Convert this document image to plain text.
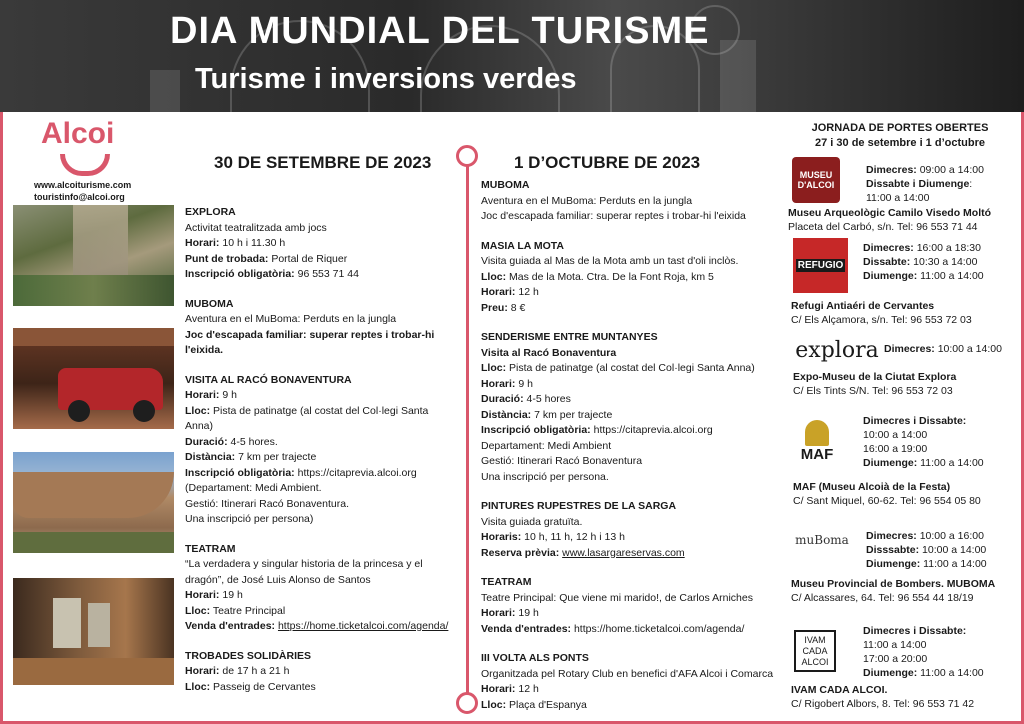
DIA MUNDIAL DEL TURISME
Turisme i inversions verdes
Alcoi
www.alcoiturisme.com
touristinfo@alcoi.org
30 DE SETEMBRE DE 2023	1 D’OCTUBRE DE 2023
EXPLORA
Activitat teatralitzada amb jocs
Horari: 10 h i 11.30 h
Punt de trobada: Portal de Riquer
Inscripció obligatòria: 96 553 71 44
MUBOMA
Aventura en el MuBoma: Perduts en la jungla
Joc d'escapada familiar: superar reptes i trobar-hi l'eixida.
VISITA AL RACÓ BONAVENTURA
Horari: 9 h
Lloc: Pista de patinatge (al costat del Col·legi Santa Anna)
Duració: 4-5 hores.
Distància: 7 km per trajecte
Inscripció obligatòria: https://citaprevia.alcoi.org
(Departament: Medi Ambient.
Gestió: Itinerari Racó Bonaventura.
Una inscripció per persona)
TEATRAM
“La verdadera y singular historia de la princesa y el dragón”, de José Luis Alonso de Santos
Horari: 19 h
Lloc: Teatre Principal
Venda d'entrades: https://home.ticketalcoi.com/agenda/
TROBADES SOLIDÀRIES
Horari: de 17 h a 21 h
Lloc: Passeig de Cervantes
MUBOMA
Aventura en el MuBoma: Perduts en la jungla
Joc d'escapada familiar: superar reptes i trobar-hi l'eixida
MASIA LA MOTA
Visita guiada al Mas de la Mota amb un tast d'oli inclòs.
Lloc: Mas de la Mota. Ctra. De la Font Roja, km 5
Horari: 12 h
Preu: 8 €
SENDERISME ENTRE MUNTANYES
Visita al Racó Bonaventura
Lloc: Pista de patinatge (al costat del Col·legi Santa Anna)
Horari: 9 h
Duració: 4-5 hores
Distància: 7 km per trajecte
Inscripció obligatòria: https://citaprevia.alcoi.org
Departament: Medi Ambient
Gestió: Itinerari Racó Bonaventura
Una inscripció per persona.
PINTURES RUPESTRES DE LA SARGA
Visita guiada gratuïta.
Horaris: 10 h, 11 h, 12 h i 13 h
Reserva prèvia: www.lasargareservas.com
TEATRAM
Teatre Principal: Que viene mi marido!, de Carlos Arniches
Horari: 19 h
Venda d'entrades: https://home.ticketalcoi.com/agenda/
III VOLTA ALS PONTS
Organitzada pel Rotary Club en benefici d'AFA Alcoi i Comarca
Horari: 12 h
Lloc: Plaça d'Espanya
JORNADA DE PORTES OBERTES
27 i 30 de setembre i 1 d’octubre
MUSEU D'ALCOI
REFUGIO
explora
MAF
muBoma
IVAM CADA ALCOI
Dimecres: 09:00 a 14:00
Dissabte i Diumenge:
11:00 a 14:00
Dimecres: 16:00 a 18:30
Dissabte: 10:30 a 14:00
Diumenge: 11:00 a 14:00
Dimecres: 10:00 a 14:00
Dimecres i Dissabte:
10:00 a 14:00
16:00 a 19:00
Diumenge: 11:00 a 14:00
Dimecres: 10:00 a 16:00
Disssabte: 10:00 a 14:00
Diumenge: 11:00 a 14:00
Dimecres i Dissabte:
11:00 a 14:00
17:00 a 20:00
Diumenge: 11:00 a 14:00
Museu Arqueològic Camilo Visedo Moltó
Placeta del Carbó, s/n. Tel: 96 553 71 44
Refugi Antiaéri de Cervantes
C/ Els Alçamora, s/n. Tel: 96 553 72 03
Expo-Museu de la Ciutat Explora
C/ Els Tints S/N. Tel: 96 553 72 03
MAF (Museu Alcoià de la Festa)
C/ Sant Miquel, 60-62. Tel: 96 554 05 80
Museu Provincial de Bombers. MUBOMA
C/ Alcassares, 64. Tel: 96 554 44 18/19
IVAM CADA ALCOI.
C/ Rigobert Albors, 8. Tel: 96 553 71 42
